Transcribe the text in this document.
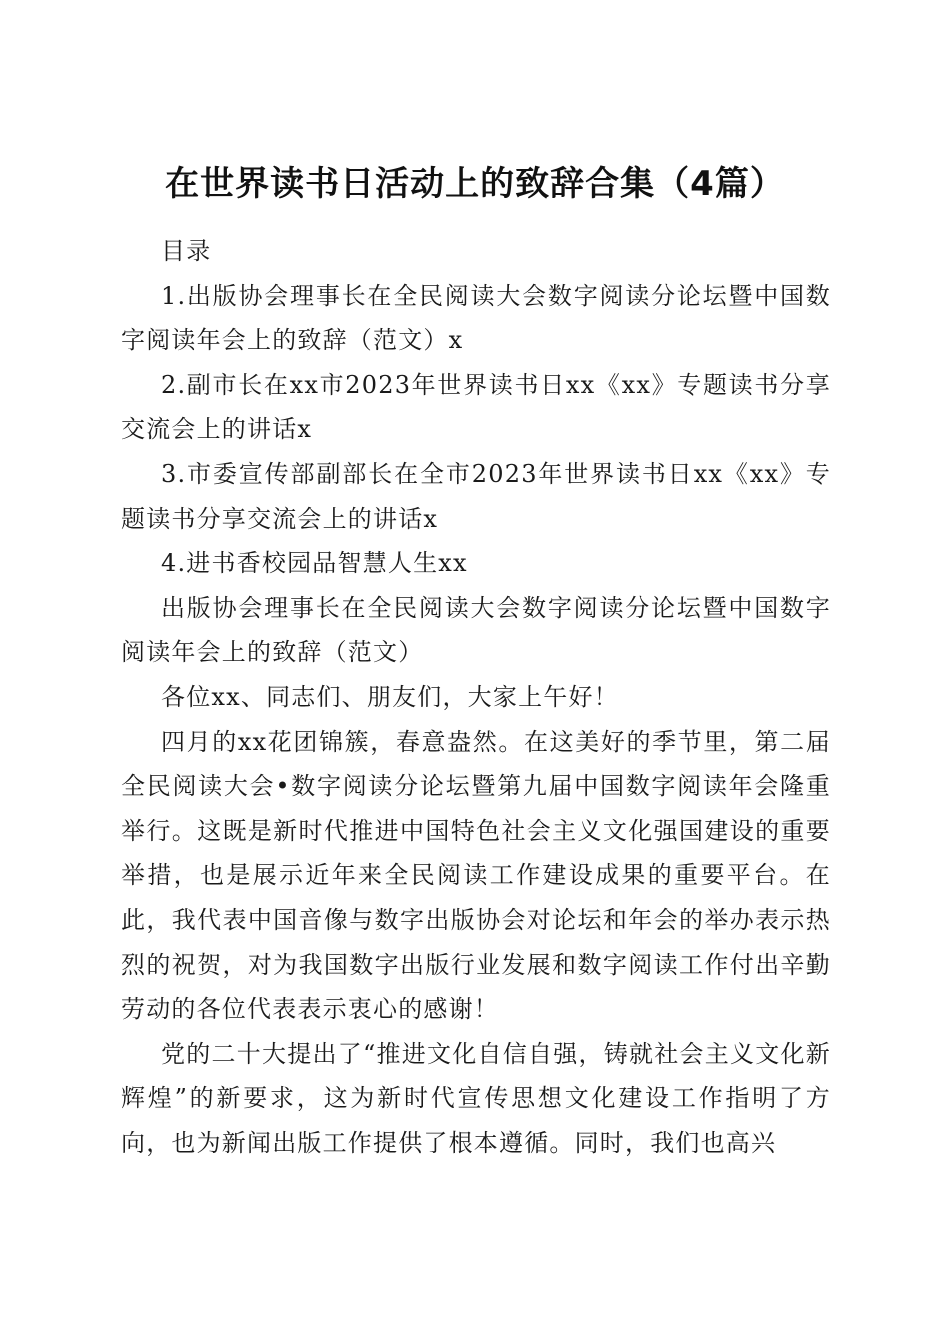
在世界读书日活动上的致辞合集（4篇）

目录

1.出版协会理事长在全民阅读大会数字阅读分论坛暨中国数字阅读年会上的致辞（范文）x

2.副市长在xx市2023年世界读书日xx《xx》专题读书分享交流会上的讲话x

3.市委宣传部副部长在全市2023年世界读书日xx《xx》专题读书分享交流会上的讲话x

4.进书香校园品智慧人生xx

出版协会理事长在全民阅读大会数字阅读分论坛暨中国数字阅读年会上的致辞（范文）

各位xx、同志们、朋友们，大家上午好！

四月的xx花团锦簇，春意盎然。在这美好的季节里，第二届全民阅读大会•数字阅读分论坛暨第九届中国数字阅读年会隆重举行。这既是新时代推进中国特色社会主义文化强国建设的重要举措，也是展示近年来全民阅读工作建设成果的重要平台。在此，我代表中国音像与数字出版协会对论坛和年会的举办表示热烈的祝贺，对为我国数字出版行业发展和数字阅读工作付出辛勤劳动的各位代表表示衷心的感谢！

党的二十大提出了“推进文化自信自强，铸就社会主义文化新辉煌”的新要求，这为新时代宣传思想文化建设工作指明了方向，也为新闻出版工作提供了根本遵循。同时，我们也高兴
